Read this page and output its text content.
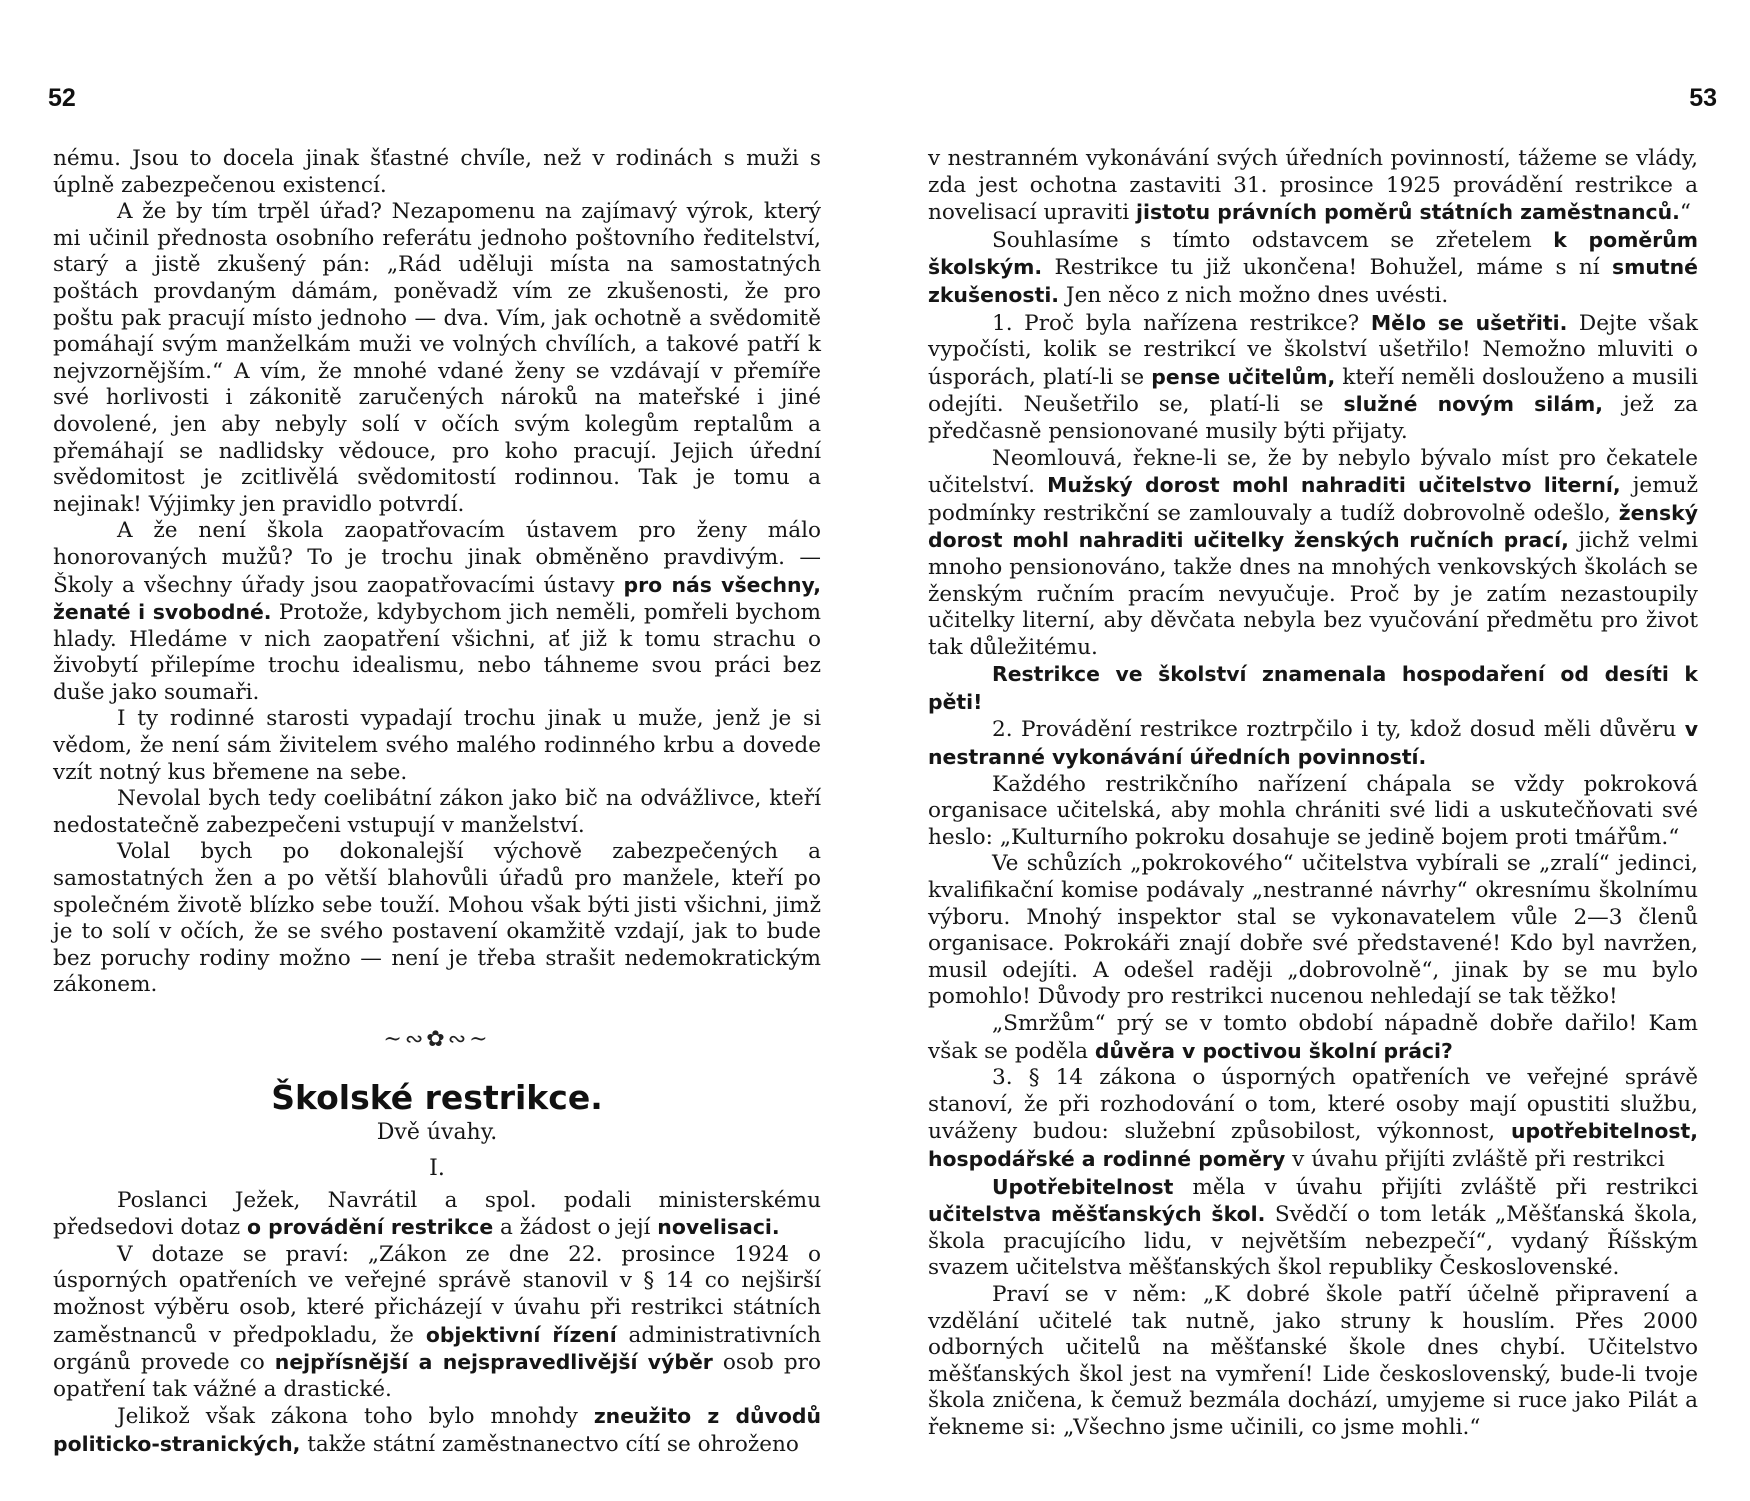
52	53

nému. Jsou to docela jinak šťastné chvíle, než v rodinách s muži s úplně zabezpečenou existencí.

A že by tím trpěl úřad? Nezapomenu na zajímavý výrok, který mi učinil přednosta osobního referátu jednoho poštovního ředitelství, starý a jistě zkušený pán: „Rád uděluji místa na samostatných poštách provdaným dámám, poněvadž vím ze zkušenosti, že pro poštu pak pracují místo jednoho — dva. Vím, jak ochotně a svědomitě pomáhají svým manželkám muži ve volných chvílích, a takové patří k nejvzornějším.“ A vím, že mnohé vdané ženy se vzdávají v přemíře své horlivosti i zákonitě zaručených nároků na mateřské i jiné dovolené, jen aby nebyly solí v očích svým kolegům reptalům a přemáhají se nadlidsky vědouce, pro koho pracují. Jejich úřední svědomitost je zcitlivělá svědomitostí rodinnou. Tak je tomu a nejinak! Výjimky jen pravidlo potvrdí.

A že není škola zaopatřovacím ústavem pro ženy málo honorovaných mužů? To je trochu jinak obměněno pravdivým. — Školy a všechny úřady jsou zaopatřovacími ústavy pro nás všechny, ženaté i svobodné. Protože, kdybychom jich neměli, pomřeli bychom hlady. Hledáme v nich zaopatření všichni, ať již k tomu strachu o živobytí přilepíme trochu idealismu, nebo táhneme svou práci bez duše jako soumaři.

I ty rodinné starosti vypadají trochu jinak u muže, jenž je si vědom, že není sám živitelem svého malého rodinného krbu a dovede vzít notný kus břemene na sebe.

Nevolal bych tedy coelibátní zákon jako bič na odvážlivce, kteří nedostatečně zabezpečeni vstupují v manželství.

Volal bych po dokonalejší výchově zabezpečených a samostatných žen a po větší blahovůli úřadů pro manžele, kteří po společném životě blízko sebe touží. Mohou však býti jisti všichni, jimž je to solí v očích, že se svého postavení okamžitě vzdají, jak to bude bez poruchy rodiny možno — není je třeba strašit nedemokratickým zákonem.

~∾✿∾~
Školské restrikce.
Dvě úvahy.
I.

Poslanci Ježek, Navrátil a spol. podali ministerskému předsedovi dotaz o provádění restrikce a žádost o její novelisaci.

V dotaze se praví: „Zákon ze dne 22. prosince 1924 o úsporných opatřeních ve veřejné správě stanovil v § 14 co nejširší možnost výběru osob, které přicházejí v úvahu při restrikci státních zaměstnanců v předpokladu, že objektivní řízení administrativních orgánů provede co nejpřísnější a nejspravedlivější výběr osob pro opatření tak vážné a drastické.

Jelikož však zákona toho bylo mnohdy zneužito z důvodů politicko-stranických, takže státní zaměstnanectvo cítí se ohroženo

v nestranném vykonávání svých úředních povinností, tážeme se vlády, zda jest ochotna zastaviti 31. prosince 1925 provádění restrikce a novelisací upraviti jistotu právních poměrů státních zaměstnanců.“

Souhlasíme s tímto odstavcem se zřetelem k poměrům školským. Restrikce tu již ukončena! Bohužel, máme s ní smutné zkušenosti. Jen něco z nich možno dnes uvésti.

1. Proč byla nařízena restrikce? Mělo se ušetřiti. Dejte však vypočísti, kolik se restrikcí ve školství ušetřilo! Nemožno mluviti o úsporách, platí-li se pense učitelům, kteří neměli doslouženo a musili odejíti. Neušetřilo se, platí-li se služné novým silám, jež za předčasně pensionované musily býti přijaty.

Neomlouvá, řekne-li se, že by nebylo bývalo míst pro čekatele učitelství. Mužský dorost mohl nahraditi učitelstvo literní, jemuž podmínky restrikční se zamlouvaly a tudíž dobrovolně odešlo, ženský dorost mohl nahraditi učitelky ženských ručních prací, jichž velmi mnoho pensionováno, takže dnes na mnohých venkovských školách se ženským ručním pracím nevyučuje. Proč by je zatím nezastoupily učitelky literní, aby děvčata nebyla bez vyučování předmětu pro život tak důležitému.

Restrikce ve školství znamenala hospodaření od desíti k pěti!

2. Provádění restrikce roztrpčilo i ty, kdož dosud měli důvěru v nestranné vykonávání úředních povinností.

Každého restrikčního nařízení chápala se vždy pokroková organisace učitelská, aby mohla chrániti své lidi a uskutečňovati své heslo: „Kulturního pokroku dosahuje se jedině bojem proti tmářům.“

Ve schůzích „pokrokového“ učitelstva vybírali se „zralí“ jedinci, kvalifikační komise podávaly „nestranné návrhy“ okresnímu školnímu výboru. Mnohý inspektor stal se vykonavatelem vůle 2—3 členů organisace. Pokrokáři znají dobře své představené! Kdo byl navržen, musil odejíti. A odešel raději „dobrovolně“, jinak by se mu bylo pomohlo! Důvody pro restrikci nucenou nehledají se tak těžko!

„Smržům“ prý se v tomto období nápadně dobře dařilo! Kam však se poděla důvěra v poctivou školní práci?

3. § 14 zákona o úsporných opatřeních ve veřejné správě stanoví, že při rozhodování o tom, které osoby mají opustiti službu, uváženy budou: služební způsobilost, výkonnost, upotřebitelnost, hospodářské a rodinné poměry v úvahu přijíti zvláště při restrikci

Upotřebitelnost měla v úvahu přijíti zvláště při restrikci učitelstva měšťanských škol. Svědčí o tom leták „Měšťanská škola, škola pracujícího lidu, v největším nebezpečí“, vydaný Říšským svazem učitelstva měšťanských škol republiky Československé.

Praví se v něm: „K dobré škole patří účelně připravení a vzdělání učitelé tak nutně, jako struny k houslím. Přes 2000 odborných učitelů na měšťanské škole dnes chybí. Učitelstvo měšťanských škol jest na vymření! Lide československý, bude-li tvoje škola zničena, k čemuž bezmála dochází, umyjeme si ruce jako Pilát a řekneme si: „Všechno jsme učinili, co jsme mohli.“
